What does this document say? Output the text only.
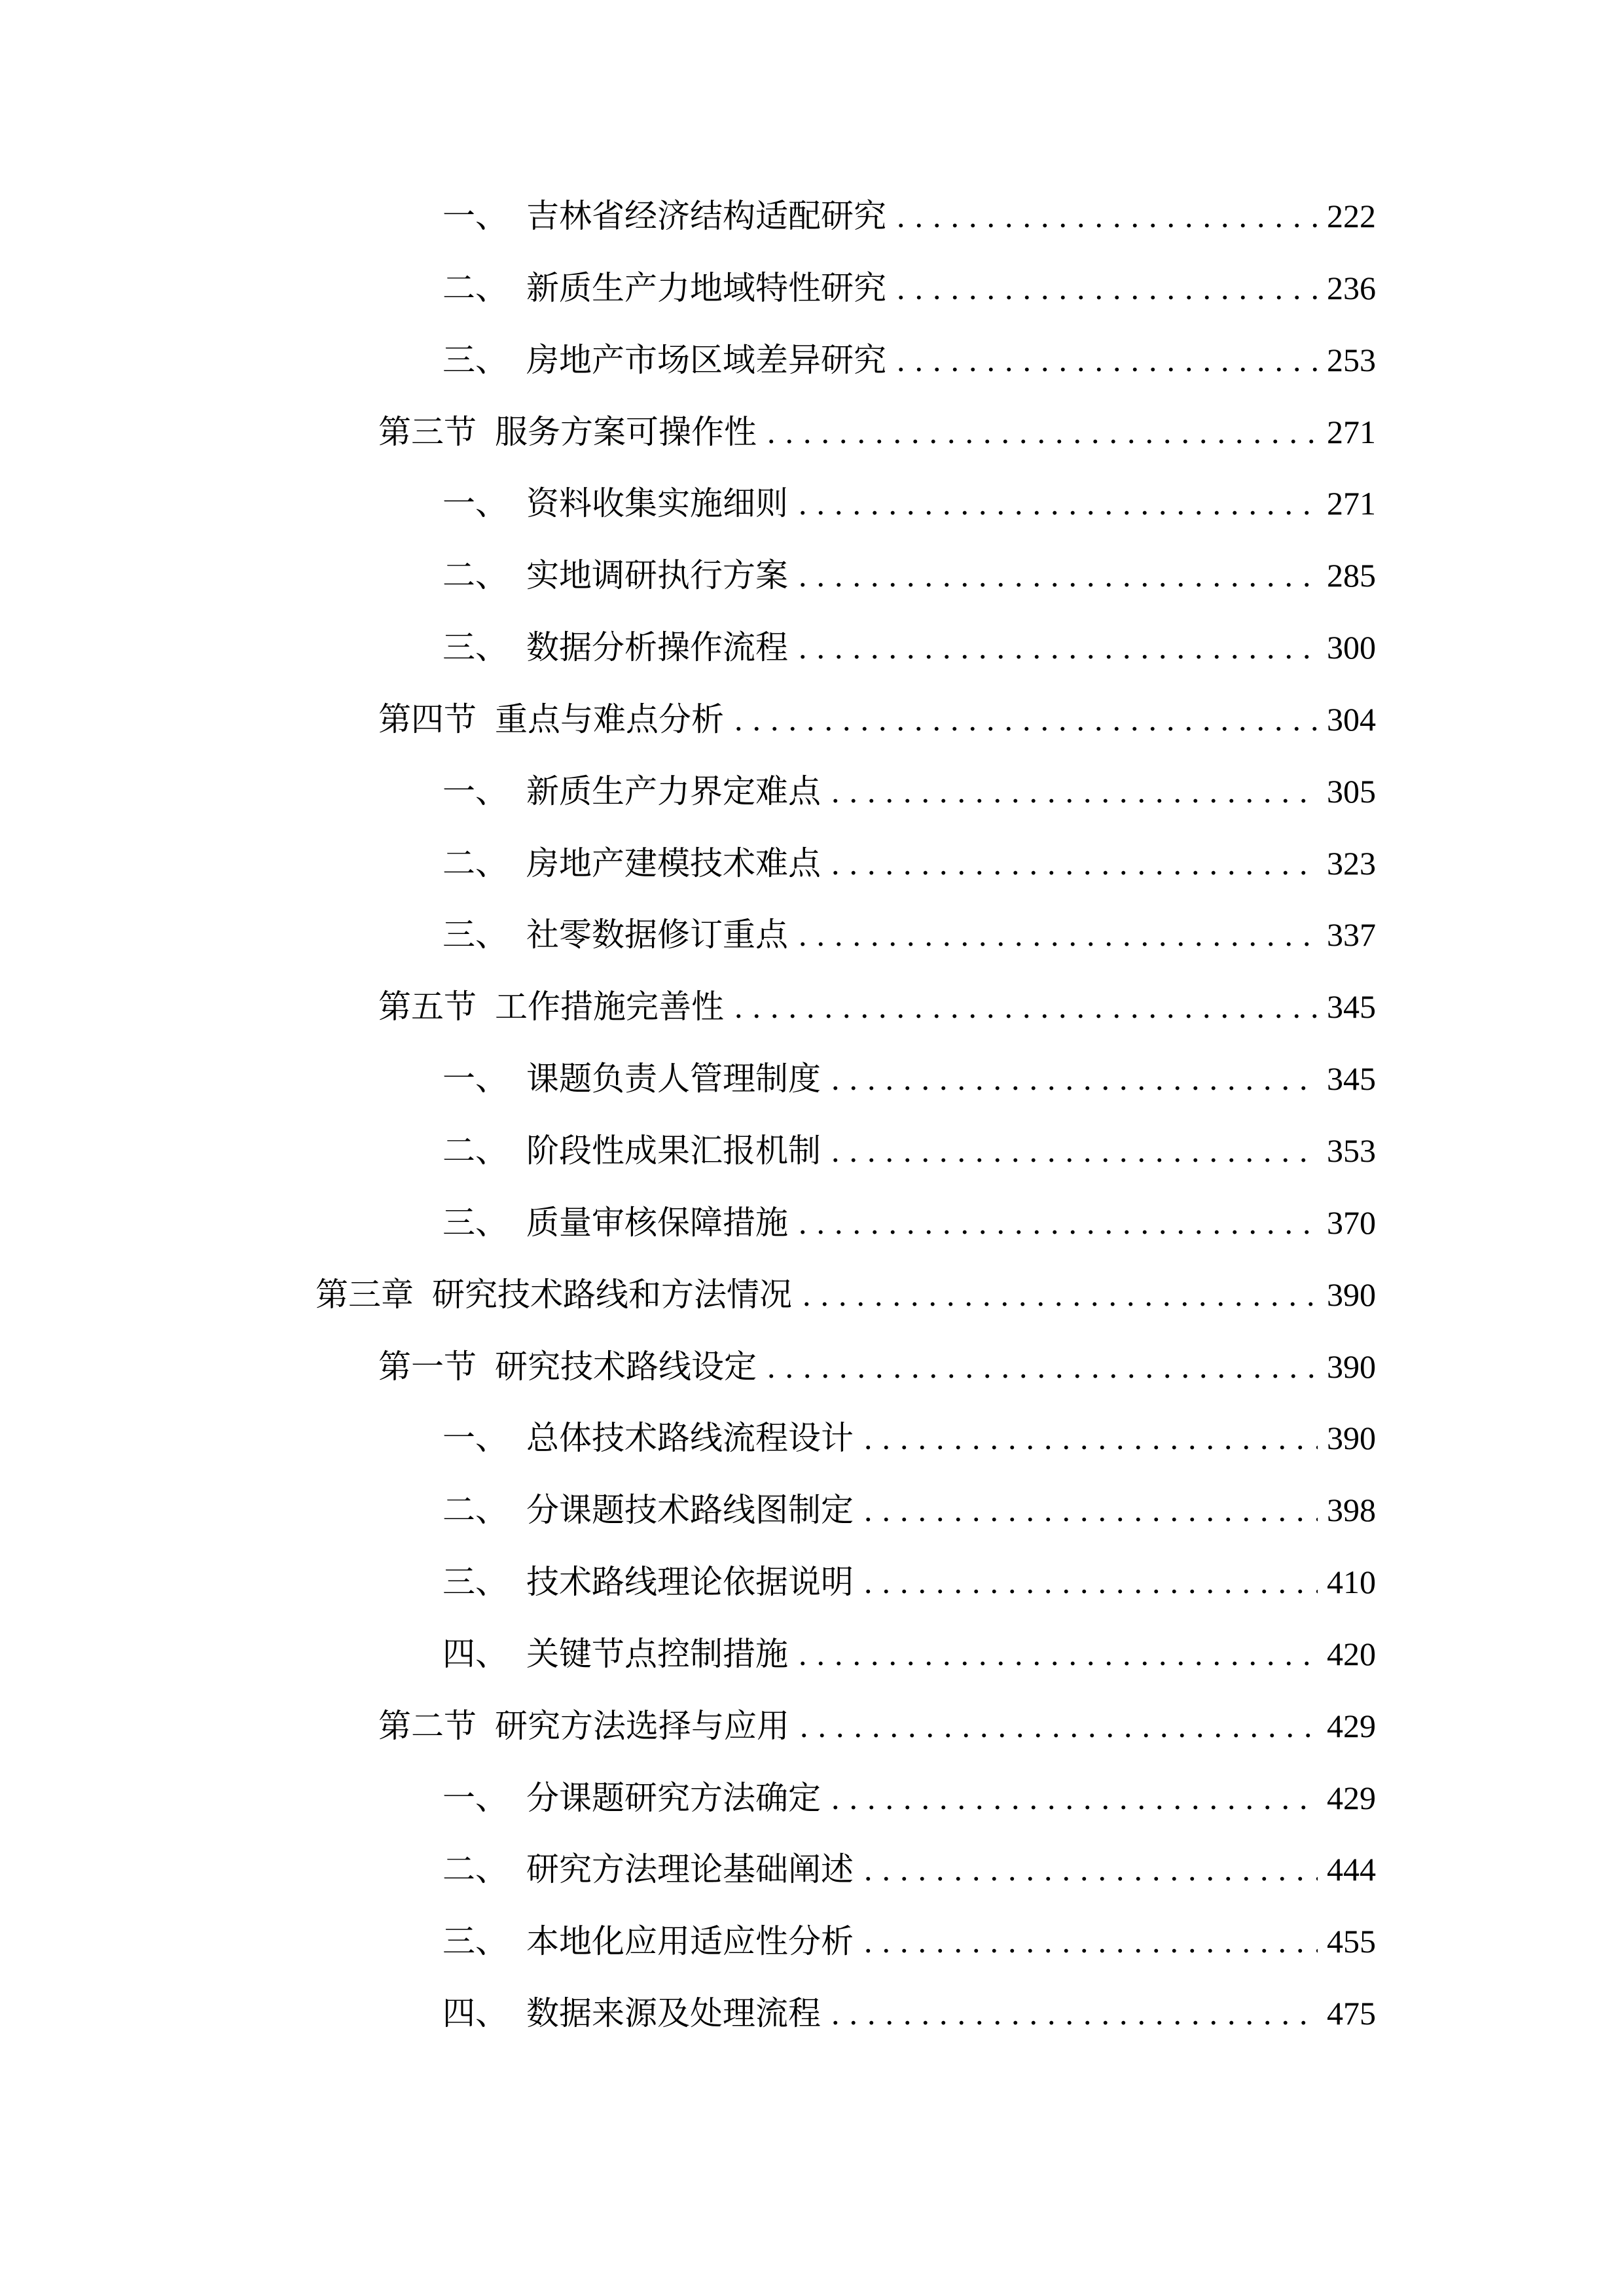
一、 吉林省经济结构适配研究 .....	222
二、 新质生产力地域特性研究 .....	236
三、 房地产市场区域差异研究 .....	253
第三节 服务方案可操作性 .....	271
一、 资料收集实施细则 .....	271
二、 实地调研执行方案 .....	285
三、 数据分析操作流程 .....	300
第四节 重点与难点分析 .....	304
一、 新质生产力界定难点 .....	305
二、 房地产建模技术难点 .....	323
三、 社零数据修订重点 .....	337
第五节 工作措施完善性 .....	345
一、 课题负责人管理制度 .....	345
二、 阶段性成果汇报机制 .....	353
三、 质量审核保障措施 .....	370
第三章 研究技术路线和方法情况 .....	390
第一节 研究技术路线设定 .....	390
一、 总体技术路线流程设计 .....	390
二、 分课题技术路线图制定 .....	398
三、 技术路线理论依据说明 .....	410
四、 关键节点控制措施 .....	420
第二节 研究方法选择与应用 .....	429
一、 分课题研究方法确定 .....	429
二、 研究方法理论基础阐述 .....	444
三、 本地化应用适应性分析 .....	455
四、 数据来源及处理流程 .....	475
